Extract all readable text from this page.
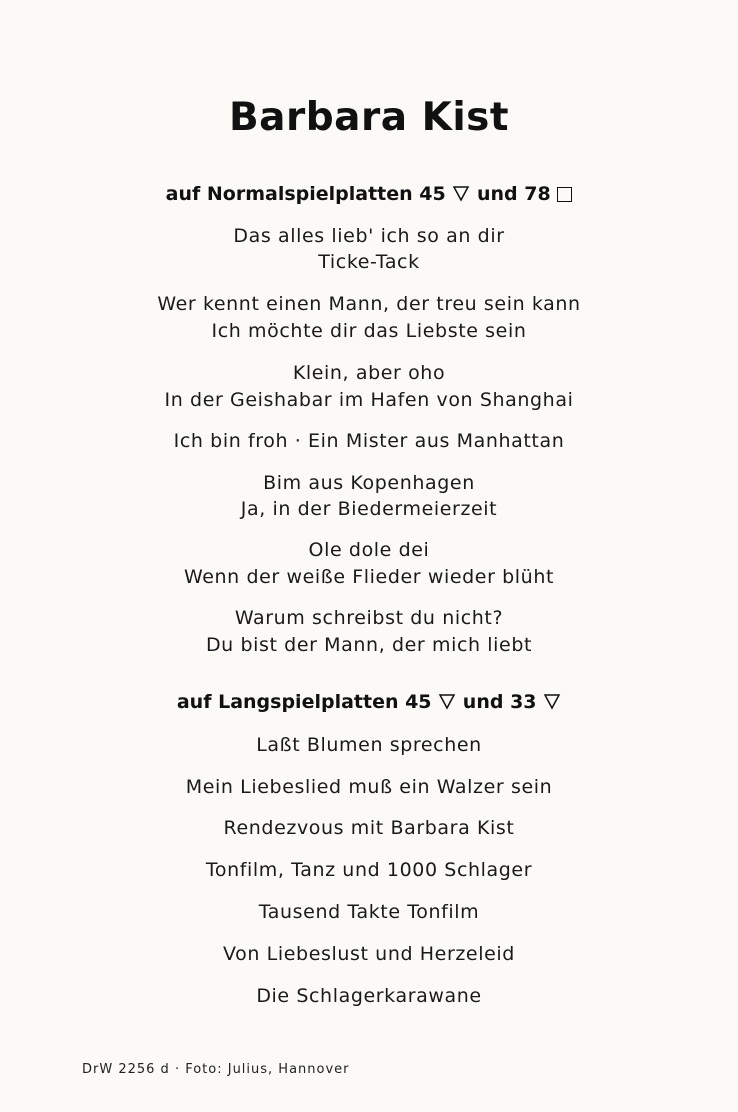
Barbara Kist
auf Normalspielplatten 45 und 78
Das alles lieb' ich so an dir
Ticke-Tack
Wer kennt einen Mann, der treu sein kann
Ich möchte dir das Liebste sein
Klein, aber oho
In der Geishabar im Hafen von Shanghai
Ich bin froh · Ein Mister aus Manhattan
Bim aus Kopenhagen
Ja, in der Biedermeierzeit
Ole dole dei
Wenn der weiße Flieder wieder blüht
Warum schreibst du nicht?
Du bist der Mann, der mich liebt
auf Langspielplatten 45 und 33
Laßt Blumen sprechen
Mein Liebeslied muß ein Walzer sein
Rendezvous mit Barbara Kist
Tonfilm, Tanz und 1000 Schlager
Tausend Takte Tonfilm
Von Liebeslust und Herzeleid
Die Schlagerkarawane
DrW 2256 d · Foto: Julius, Hannover
